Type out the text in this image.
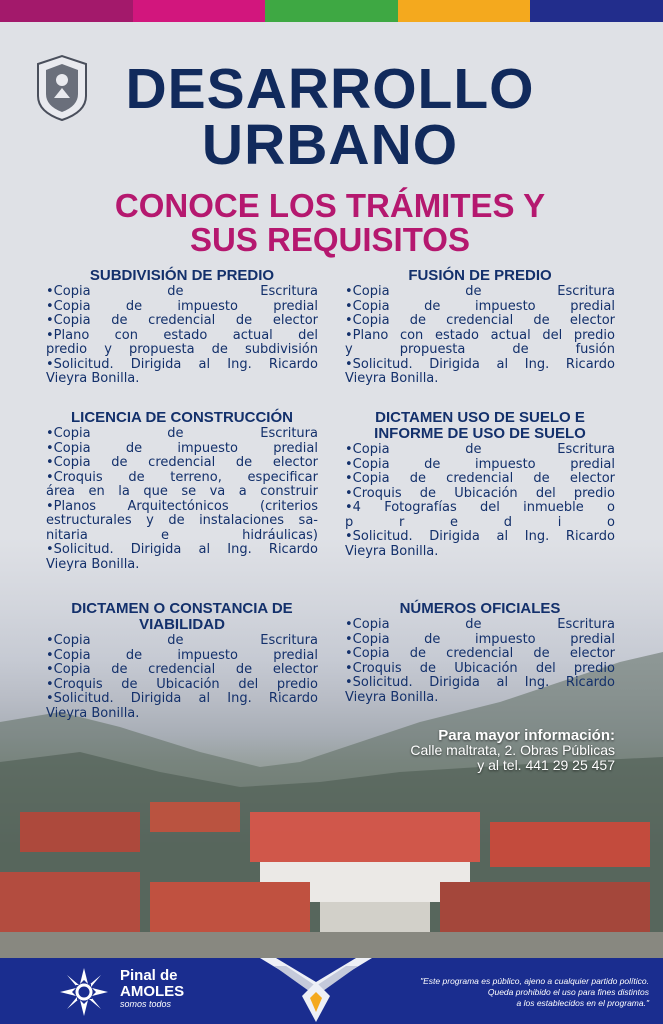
DESARROLLO
URBANO
CONOCE LOS TRÁMITES Y
SUS REQUISITOS
SUBDIVISIÓN DE PREDIO
•Copia de Escritura
•Copia de impuesto predial
•Copia de credencial de elector
•Plano con estado actual del
predio y propuesta de subdivisión
•Solicitud. Dirigida al Ing. Ricardo
Vieyra Bonilla.
FUSIÓN DE PREDIO
•Copia de Escritura
•Copia de impuesto predial
•Copia de credencial de elector
•Plano con estado actual del predio
y propuesta de fusión
•Solicitud. Dirigida al Ing. Ricardo
Vieyra Bonilla.
LICENCIA DE CONSTRUCCIÓN
•Copia de Escritura
•Copia de impuesto predial
•Copia de credencial de elector
•Croquis de terreno, especificar
área en la que se va a construir
•Planos Arquitectónicos (criterios
estructurales y de instalaciones sa-
nitaria e hidráulicas)
•Solicitud. Dirigida al Ing. Ricardo
Vieyra Bonilla.
DICTAMEN USO DE SUELO E
INFORME DE USO DE SUELO
•Copia de Escritura
•Copia de impuesto predial
•Copia de credencial de elector
•Croquis de Ubicación del predio
•4 Fotografías del inmueble o
p r e d i o
•Solicitud. Dirigida al Ing. Ricardo
Vieyra Bonilla.
DICTAMEN O CONSTANCIA DE
VIABILIDAD
•Copia de Escritura
•Copia de impuesto predial
•Copia de credencial de elector
•Croquis de Ubicación del predio
•Solicitud. Dirigida al Ing. Ricardo
Vieyra Bonilla.
NÚMEROS OFICIALES
•Copia de Escritura
•Copia de impuesto predial
•Copia de credencial de elector
•Croquis de Ubicación del predio
•Solicitud. Dirigida al Ing. Ricardo
Vieyra Bonilla.
Para mayor información:
Calle maltrata, 2. Obras Públicas
y al tel. 441 29 25 457
Pinal de
AMOLES
somos todos
"Este programa es público, ajeno a cualquier partido político.
Queda prohibido el uso para fines distintos
a los establecidos en el programa."
